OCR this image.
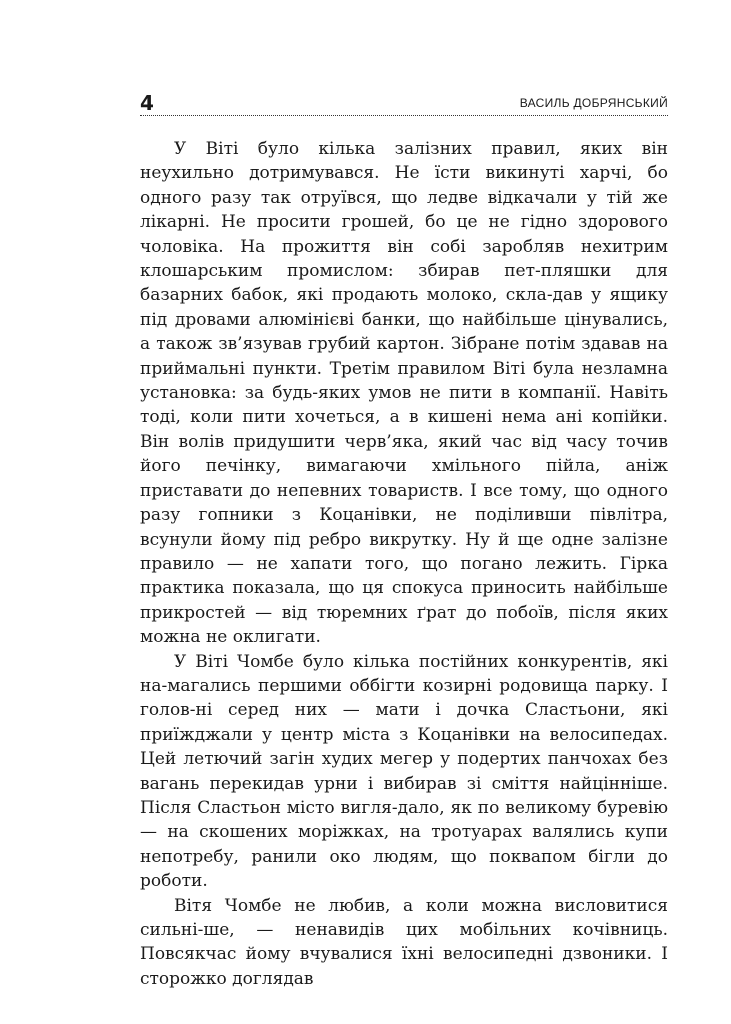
4	ВАСИЛЬ ДОБРЯНСЬКИЙ

У Віті було кілька залізних правил, яких він неухильно дотримувався. Не їсти викинуті харчі, бо одного разу так отруївся, що ледве відкачали у тій же лікарні. Не просити грошей, бо це не гідно здорового чоловіка. На прожиття він собі заробляв нехитрим клошарським промислом: збирав пет-пляшки для базарних бабок, які продають молоко, скла-дав у ящику під дровами алюмінієві банки, що найбільше цінувались, а також зв’язував грубий картон. Зібране потім здавав на приймальні пункти. Третім правилом Віті була незламна установка: за будь-яких умов не пити в компанії. Навіть тоді, коли пити хочеться, а в кишені нема ані копійки. Він волів придушити черв’яка, який час від часу точив його печінку, вимагаючи хмільного пійла, аніж приставати до непевних товариств. І все тому, що одного разу гопники з Коцанівки, не поділивши півлітра, всунули йому під ребро викрутку. Ну й ще одне залізне правило — не хапати того, що погано лежить. Гірка практика показала, що ця спокуса приносить найбільше прикростей — від тюремних ґрат до побоїв, після яких можна не оклигати.

У Віті Чомбе було кілька постійних конкурентів, які на-магались першими оббігти козирні родовища парку. І голов-ні серед них — мати і дочка Сластьони, які приїжджали у центр міста з Коцанівки на велосипедах. Цей летючий загін худих мегер у подертих панчохах без вагань перекидав урни і вибирав зі сміття найцінніше. Після Сластьон місто вигля-дало, як по великому буревію — на скошених моріжках, на тротуарах валялись купи непотребу, ранили око людям, що поквапом бігли до роботи.

Вітя Чомбе не любив, а коли можна висловитися сильні-ше, — ненавидів цих мобільних кочівниць. Повсякчас йому вчувалися їхні велосипедні дзвоники. І сторожко доглядав
